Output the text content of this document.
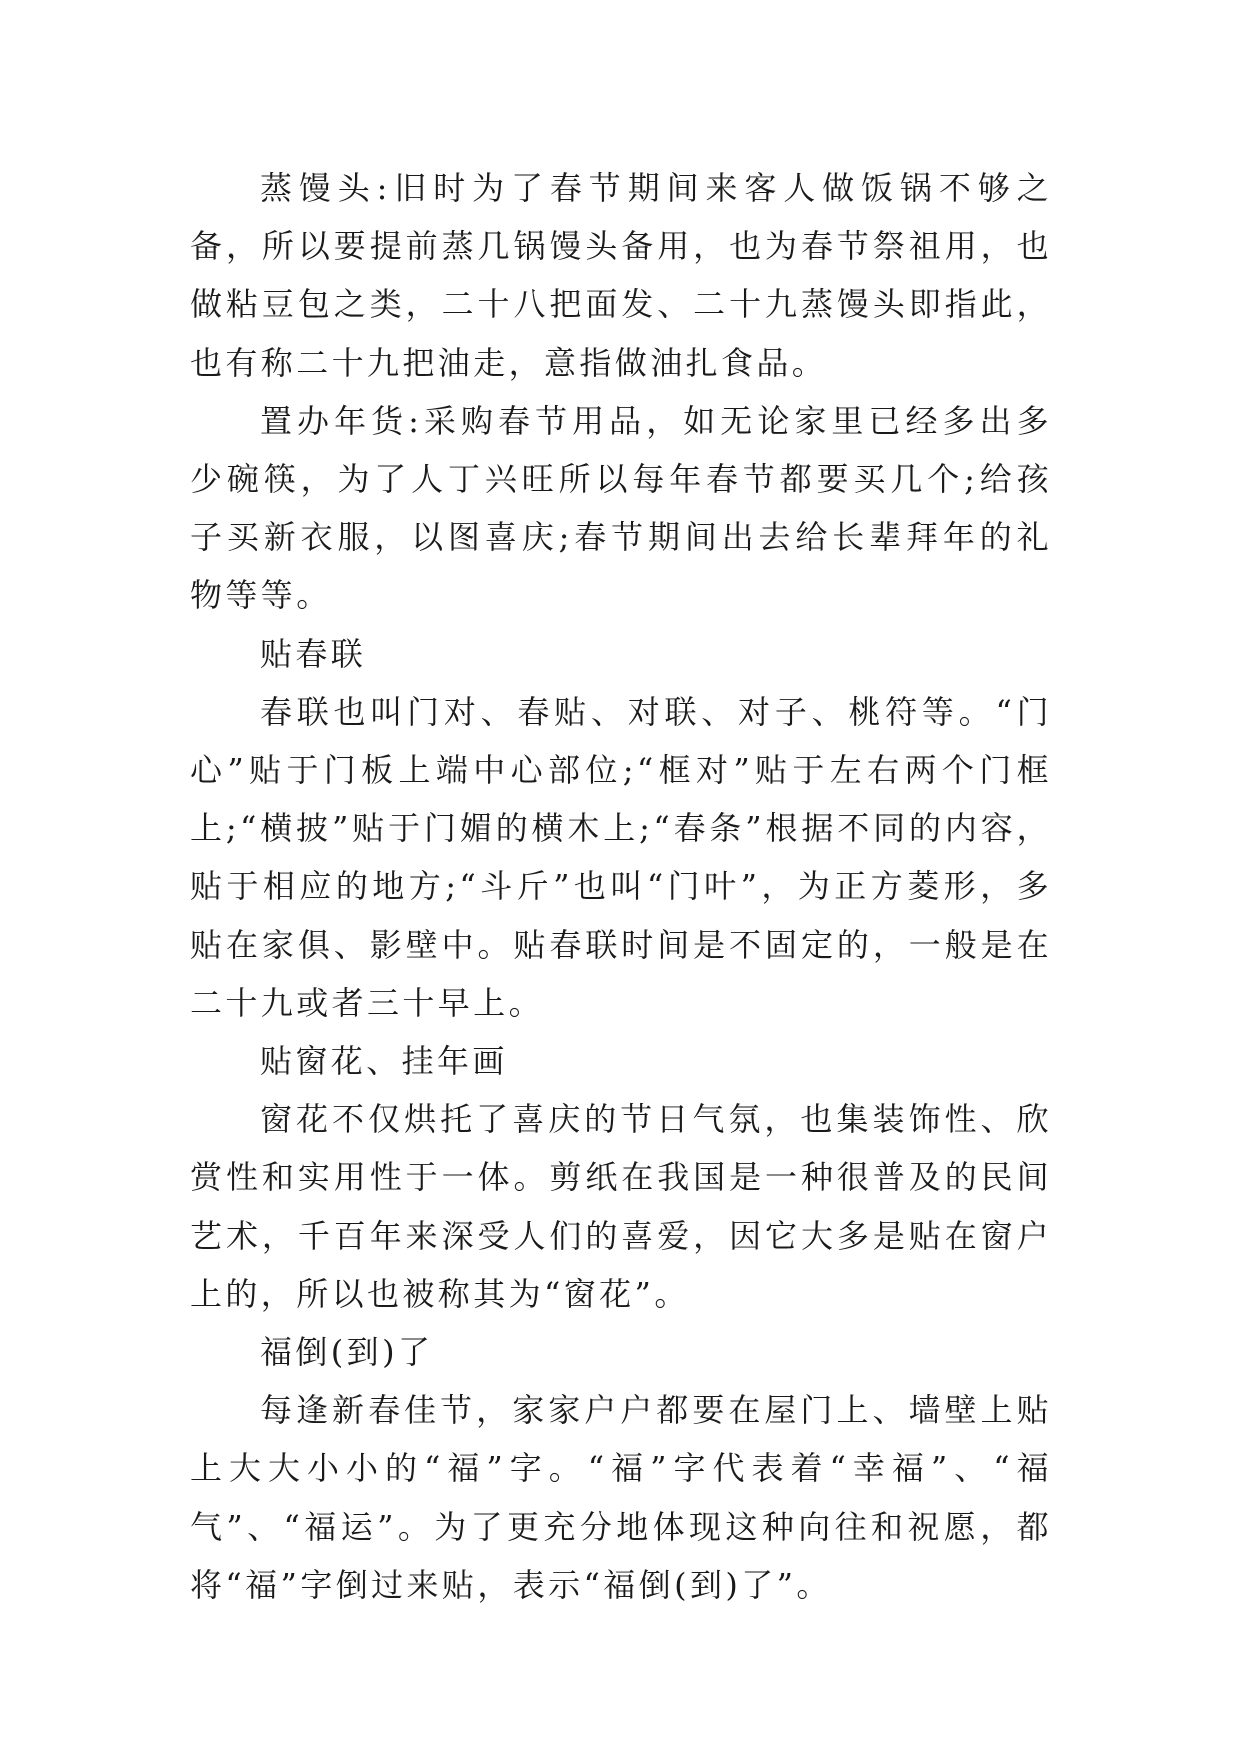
蒸馒头:旧时为了春节期间来客人做饭锅不够之备，所以要提前蒸几锅馒头备用，也为春节祭祖用，也做粘豆包之类，二十八把面发、二十九蒸馒头即指此，也有称二十九把油走，意指做油扎食品。

置办年货:采购春节用品，如无论家里已经多出多少碗筷，为了人丁兴旺所以每年春节都要买几个;给孩子买新衣服，以图喜庆;春节期间出去给长辈拜年的礼物等等。

贴春联

春联也叫门对、春贴、对联、对子、桃符等。“门心”贴于门板上端中心部位;“框对”贴于左右两个门框上;“横披”贴于门媚的横木上;“春条”根据不同的内容，贴于相应的地方;“斗斤”也叫“门叶”，为正方菱形，多贴在家俱、影壁中。贴春联时间是不固定的，一般是在二十九或者三十早上。

贴窗花、挂年画

窗花不仅烘托了喜庆的节日气氛，也集装饰性、欣赏性和实用性于一体。剪纸在我国是一种很普及的民间艺术，千百年来深受人们的喜爱，因它大多是贴在窗户上的，所以也被称其为“窗花”。

福倒(到)了

每逢新春佳节，家家户户都要在屋门上、墙壁上贴上大大小小的“福”字。“福”字代表着“幸福”、“福气”、“福运”。为了更充分地体现这种向往和祝愿，都将“福”字倒过来贴，表示“福倒(到)了”。
